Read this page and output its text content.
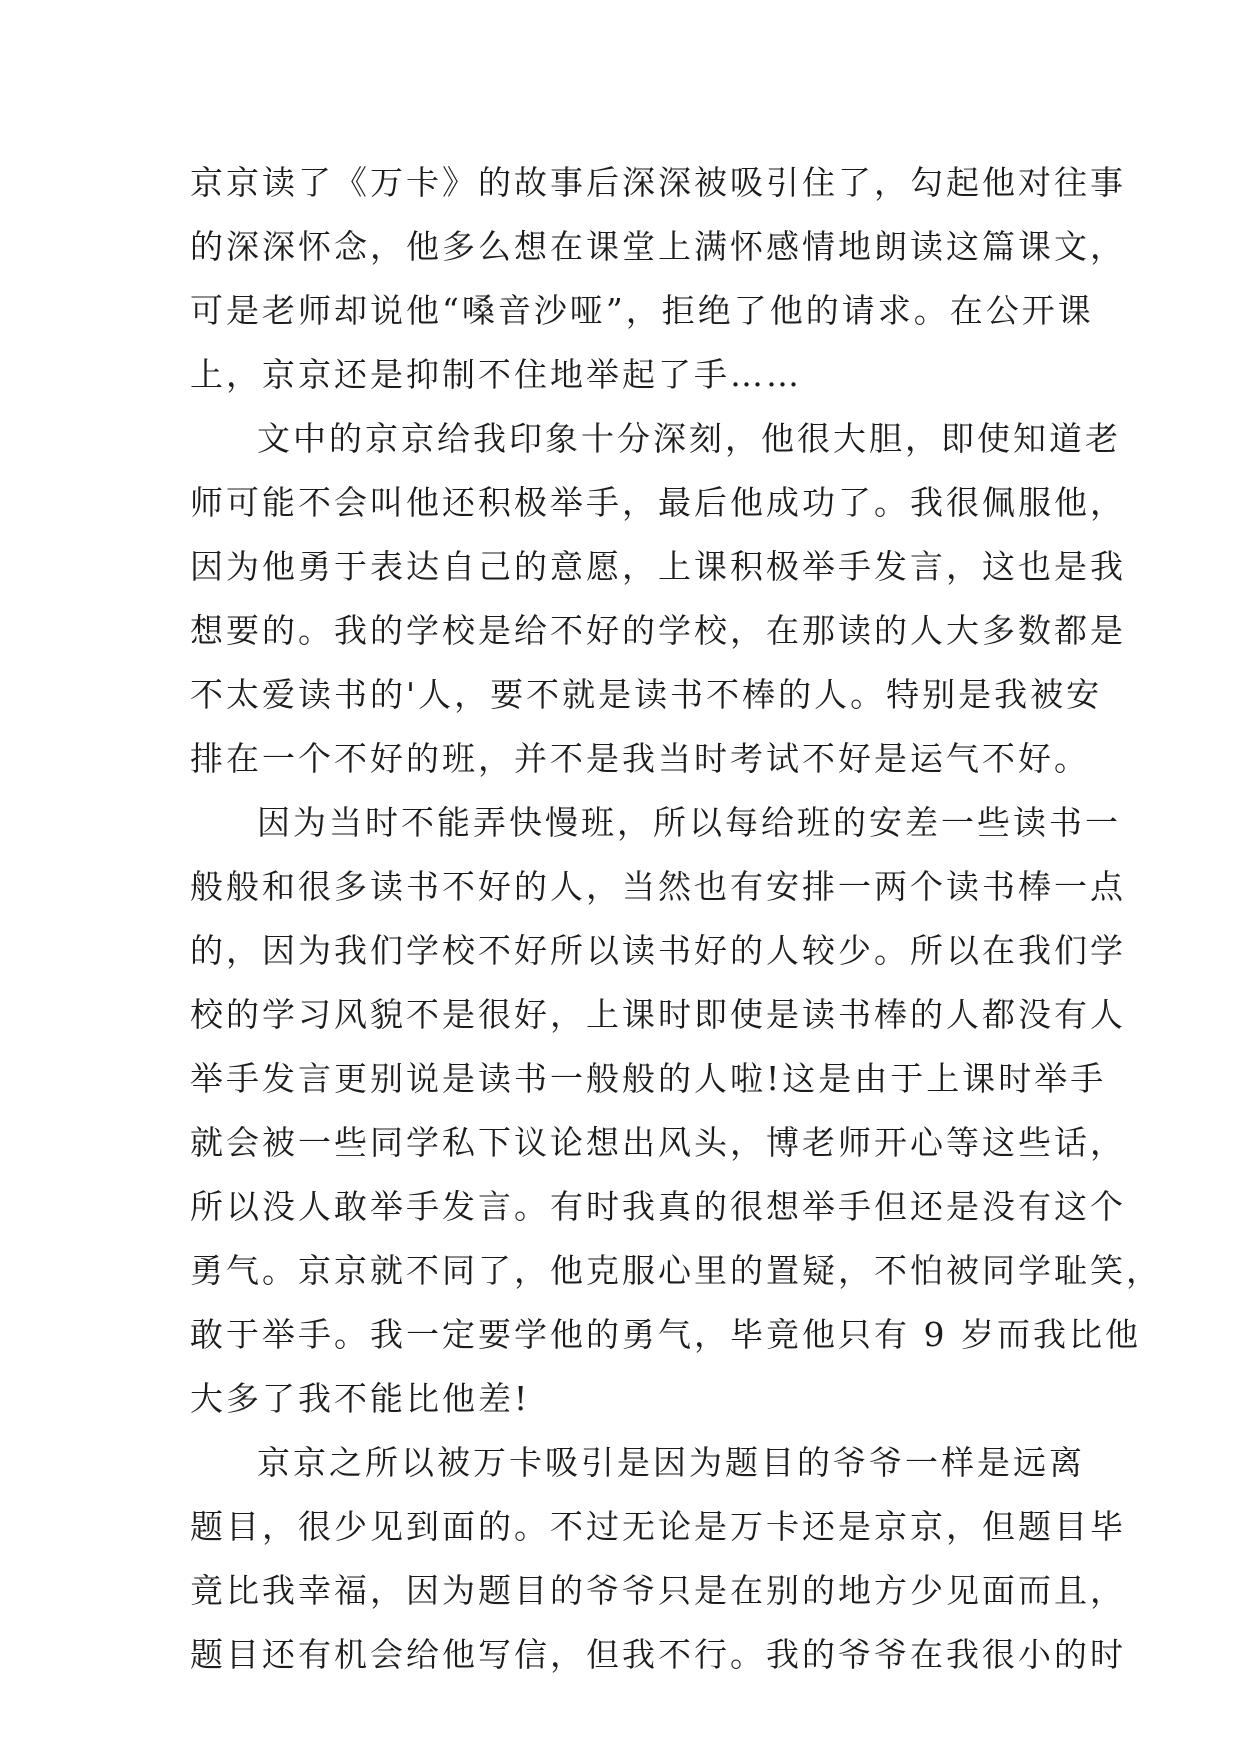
京京读了《万卡》的故事后深深被吸引住了，勾起他对往事
的深深怀念，他多么想在课堂上满怀感情地朗读这篇课文，
可是老师却说他“嗓音沙哑”，拒绝了他的请求。在公开课
上，京京还是抑制不住地举起了手……
文中的京京给我印象十分深刻，他很大胆，即使知道老
师可能不会叫他还积极举手，最后他成功了。我很佩服他，
因为他勇于表达自己的意愿，上课积极举手发言，这也是我
想要的。我的学校是给不好的学校，在那读的人大多数都是
不太爱读书的'人，要不就是读书不棒的人。特别是我被安
排在一个不好的班，并不是我当时考试不好是运气不好。
因为当时不能弄快慢班，所以每给班的安差一些读书一
般般和很多读书不好的人，当然也有安排一两个读书棒一点
的，因为我们学校不好所以读书好的人较少。所以在我们学
校的学习风貌不是很好，上课时即使是读书棒的人都没有人
举手发言更别说是读书一般般的人啦!这是由于上课时举手
就会被一些同学私下议论想出风头，博老师开心等这些话，
所以没人敢举手发言。有时我真的很想举手但还是没有这个
勇气。京京就不同了，他克服心里的置疑，不怕被同学耻笑，
敢于举手。我一定要学他的勇气，毕竟他只有 9 岁而我比他
大多了我不能比他差!
京京之所以被万卡吸引是因为题目的爷爷一样是远离
题目，很少见到面的。不过无论是万卡还是京京，但题目毕
竟比我幸福，因为题目的爷爷只是在别的地方少见面而且，
题目还有机会给他写信，但我不行。我的爷爷在我很小的时
